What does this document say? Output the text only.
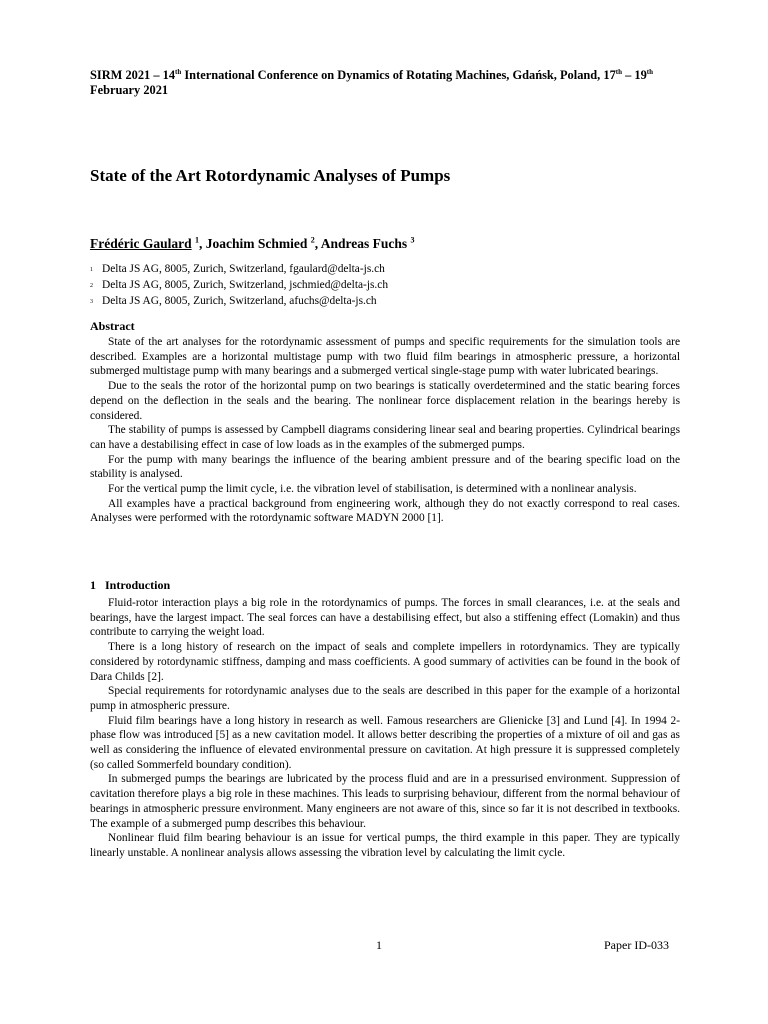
SIRM 2021 – 14th International Conference on Dynamics of Rotating Machines, Gdańsk, Poland, 17th – 19th February 2021
State of the Art Rotordynamic Analyses of Pumps
Frédéric Gaulard $^1$, Joachim Schmied $^2$, Andreas Fuchs $^3$
1 Delta JS AG, 8005, Zurich, Switzerland, fgaulard@delta-js.ch
2 Delta JS AG, 8005, Zurich, Switzerland, jschmied@delta-js.ch
3 Delta JS AG, 8005, Zurich, Switzerland, afuchs@delta-js.ch
Abstract

State of the art analyses for the rotordynamic assessment of pumps and specific requirements for the simulation tools are described. Examples are a horizontal multistage pump with two fluid film bearings in atmospheric pressure, a horizontal submerged multistage pump with many bearings and a submerged vertical single-stage pump with water lubricated bearings.

Due to the seals the rotor of the horizontal pump on two bearings is statically overdetermined and the static bearing forces depend on the deflection in the seals and the bearing. The nonlinear force displacement relation in the bearings hereby is considered.

The stability of pumps is assessed by Campbell diagrams considering linear seal and bearing properties. Cylindrical bearings can have a destabilising effect in case of low loads as in the examples of the submerged pumps.

For the pump with many bearings the influence of the bearing ambient pressure and of the bearing specific load on the stability is analysed.

For the vertical pump the limit cycle, i.e. the vibration level of stabilisation, is determined with a nonlinear analysis.

All examples have a practical background from engineering work, although they do not exactly correspond to real cases. Analyses were performed with the rotordynamic software MADYN 2000 [1].

1 Introduction

Fluid-rotor interaction plays a big role in the rotordynamics of pumps. The forces in small clearances, i.e. at the seals and bearings, have the largest impact. The seal forces can have a destabilising effect, but also a stiffening effect (Lomakin) and thus contribute to carrying the weight load.

There is a long history of research on the impact of seals and complete impellers in rotordynamics. They are typically considered by rotordynamic stiffness, damping and mass coefficients. A good summary of activities can be found in the book of Dara Childs [2].

Special requirements for rotordynamic analyses due to the seals are described in this paper for the example of a horizontal pump in atmospheric pressure.

Fluid film bearings have a long history in research as well. Famous researchers are Glienicke [3] and Lund [4]. In 1994 2-phase flow was introduced [5] as a new cavitation model. It allows better describing the properties of a mixture of oil and gas as well as considering the influence of elevated environmental pressure on cavitation. At high pressure it is suppressed completely (so called Sommerfeld boundary condition).

In submerged pumps the bearings are lubricated by the process fluid and are in a pressurised environment. Suppression of cavitation therefore plays a big role in these machines. This leads to surprising behaviour, different from the normal behaviour of bearings in atmospheric pressure environment. Many engineers are not aware of this, since so far it is not described in textbooks. The example of a submerged pump describes this behaviour.

Nonlinear fluid film bearing behaviour is an issue for vertical pumps, the third example in this paper. They are typically linearly unstable. A nonlinear analysis allows assessing the vibration level by calculating the limit cycle.

1	Paper ID-033
